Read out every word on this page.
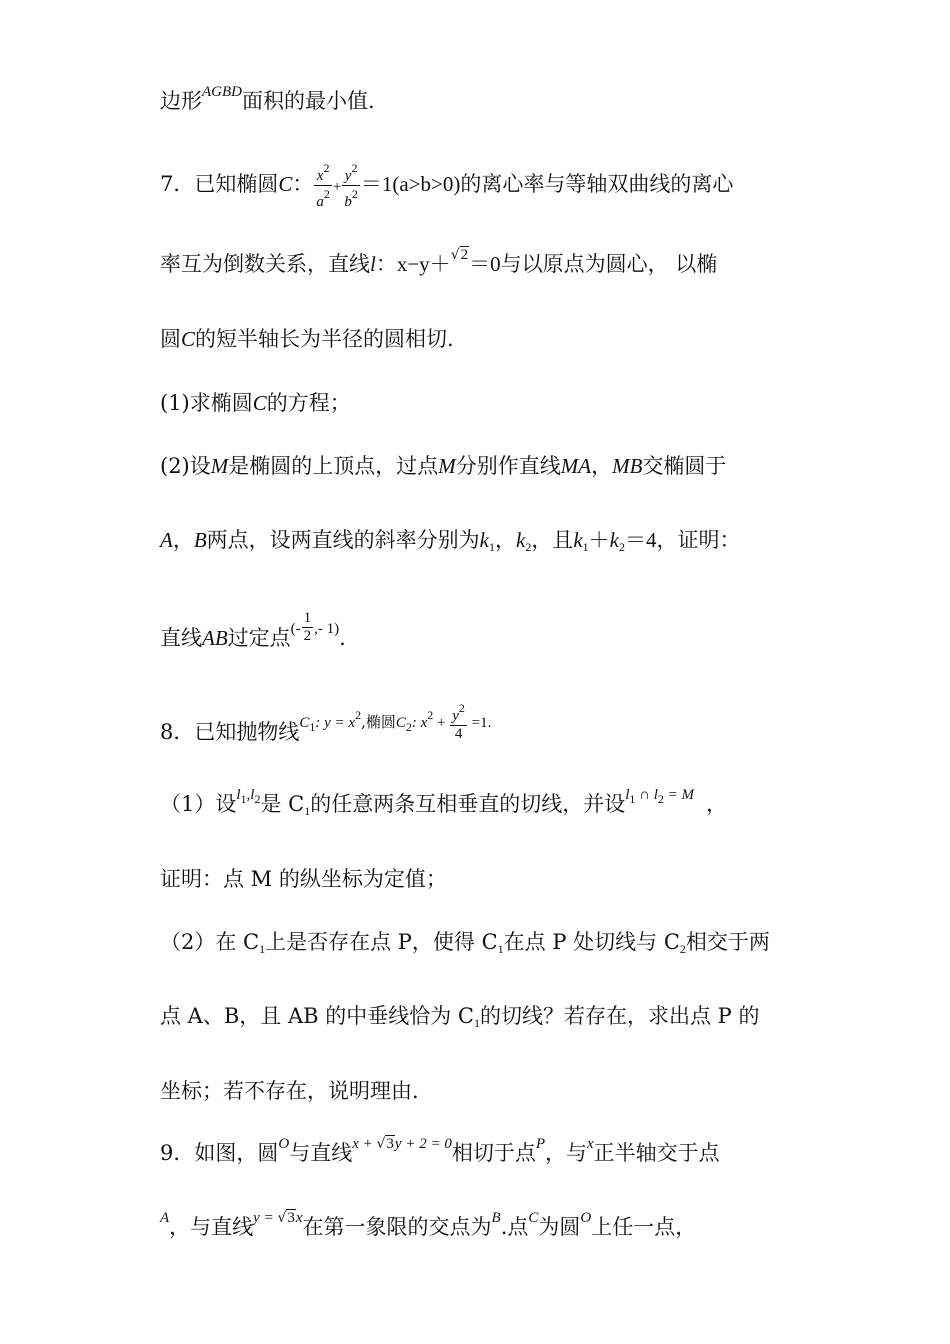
边形$^{AGBD}$面积的最小值.
7．已知椭圆C： $\frac{x^2}{a^2} + \frac{y^2}{b^2} =1(a>b>0)$的离心率与等轴双曲线的离心
率互为倒数关系，直线l：x−y＋√2＝0与以原点为圆心， 以椭
圆C的短半轴长为半径的圆相切.
(1)求椭圆C的方程；
(2)设M是椭圆的上顶点，过点M分别作直线MA，MB交椭圆于
A，B两点，设两直线的斜率分别为$k_1$，$k_2$，且$k_1+k_2=4$，证明：
直线AB过定点$^{(-} \frac{1}{2} ^{,- 1)}$.
8．已知抛物线$C_1$: $y = x^2$,椭圆$C_2$: $x^2 + \frac{y^2}{4} =1$.
（1）设$l_1,l_2$是 $C_1$的任意两条互相垂直的切线，并设$l_1$ ∩ $l_2 = M$ ，
证明：点 M 的纵坐标为定值；
（2）在 $C_1$上是否存在点 P，使得 $C_1$在点 P 处切线与 $C_2$相交于两
点 A、B，且 AB 的中垂线恰为 $C_1$的切线？若存在，求出点 P 的
坐标；若不存在，说明理由.
9．如图，圆$^O$与直线x + √3y + 2 = 0相切于点$^P$，与$^x$正半轴交于点
$^A$，与直线y = √3x在第一象限的交点为$^B$.点$^C$为圆$^O$上任一点，
